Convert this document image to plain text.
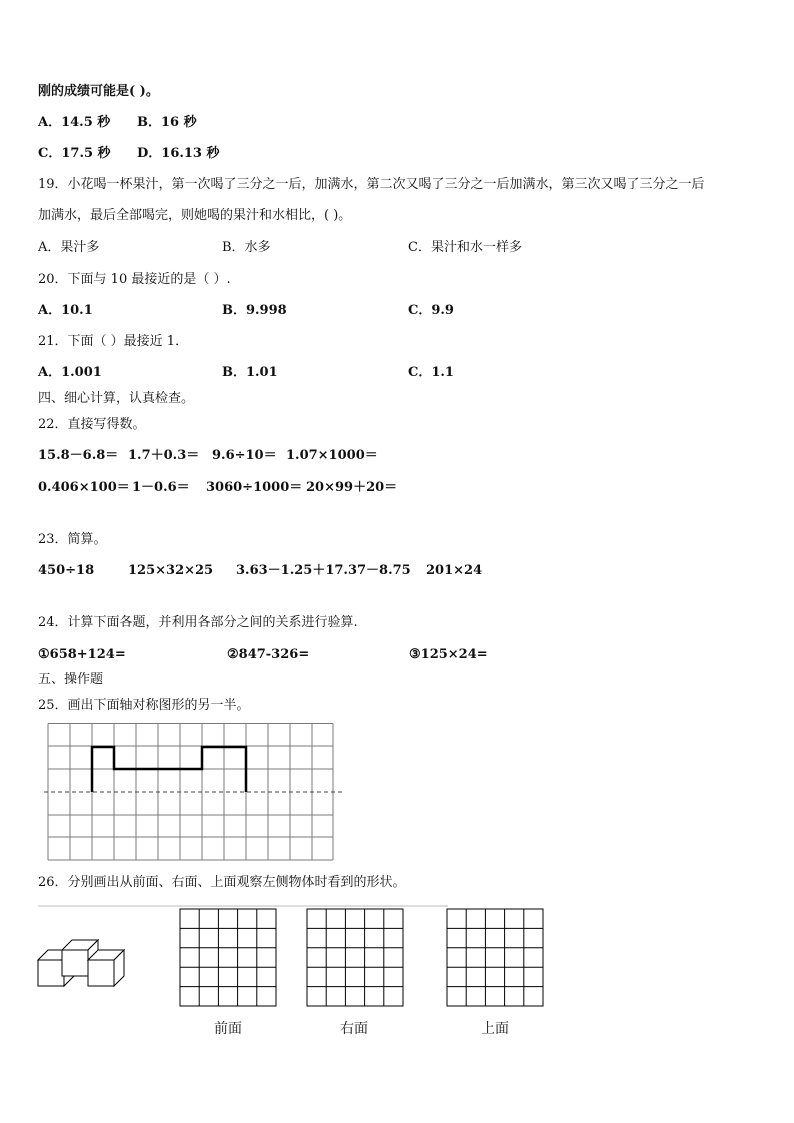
刚的成绩可能是( )。
A．14.5 秒 B．16 秒
C．17.5 秒 D．16.13 秒
19．小花喝一杯果汁，第一次喝了三分之一后，加满水，第二次又喝了三分之一后加满水，第三次又喝了三分之一后
加满水，最后全部喝完，则她喝的果汁和水相比，( )。
A．果汁多	B．水多	C．果汁和水一样多
20．下面与 10 最接近的是（ ）.
A．10.1	B．9.998	C．9.9
21．下面（ ）最接近 1．
A．1.001	B．1.01	C．1.1
四、细心计算，认真检查。
22．直接写得数。
15.8－6.8＝ 1.7＋0.3＝ 9.6÷10＝ 1.07×1000＝
0.406×100＝ 1－0.6＝ 3060÷1000＝ 20×99＋20＝
23．简算。
450÷18	125×32×25 3.63－1.25＋17.37－8.75 201×24
24．计算下面各题，并利用各部分之间的关系进行验算.
①658+124=	②847-326=	③125×24=
五、操作题
25．画出下面轴对称图形的另一半。
26．分别画出从前面、右面、上面观察左侧物体时看到的形状。
前面	右面	上面
